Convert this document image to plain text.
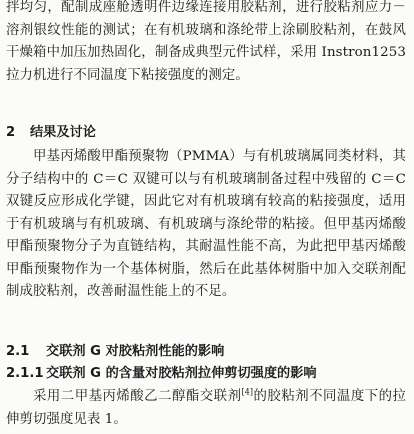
拌均匀，配制成座舱透明件边缘连接用胶粘剂，进行胶粘剂应力－溶剂银纹性能的测试；在有机玻璃和涤纶带上涂刷胶粘剂，在鼓风干燥箱中加压加热固化，制备成典型元件试样，采用 Instron1253 拉力机进行不同温度下粘接强度的测定。

2 结果及讨论

甲基丙烯酸甲酯预聚物（PMMA）与有机玻璃属同类材料，其分子结构中的 C＝C 双键可以与有机玻璃制备过程中残留的 C＝C 双键反应形成化学键，因此它对有机玻璃有较高的粘接强度，适用于有机玻璃与有机玻璃、有机玻璃与涤纶带的粘接。但甲基丙烯酸甲酯预聚物分子为直链结构，其耐温性能不高，为此把甲基丙烯酸甲酯预聚物作为一个基体树脂，然后在此基体树脂中加入交联剂配制成胶粘剂，改善耐温性能上的不足。

2.1 交联剂 G 对胶粘剂性能的影响
2.1.1 交联剂 G 的含量对胶粘剂拉伸剪切强度的影响

采用二甲基丙烯酸乙二醇酯交联剂[4]的胶粘剂不同温度下的拉伸剪切强度见表 1。
